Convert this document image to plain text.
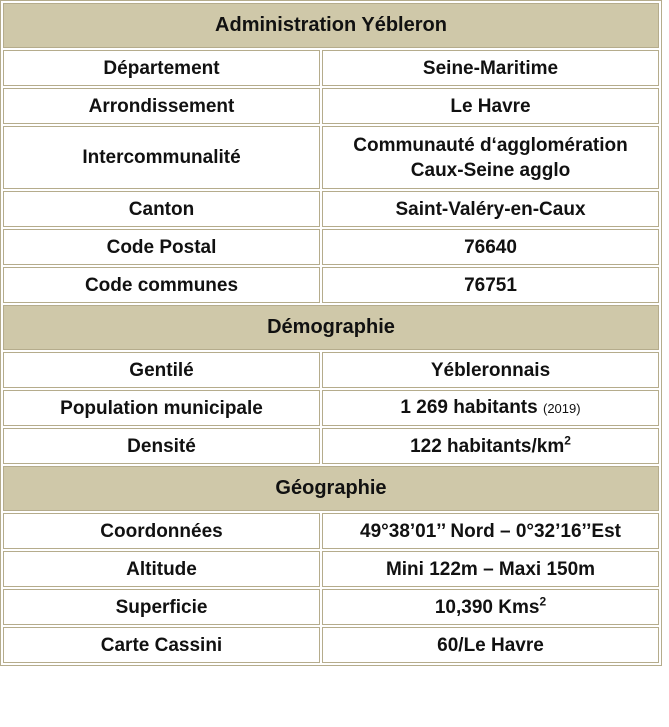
Administration Yébleron	
Département	Seine-Maritime
Arrondissement	Le Havre
Intercommunalité	Communauté d‘agglomération
Caux-Seine agglo
Canton	Saint-Valéry-en-Caux
Code Postal	76640
Code communes	76751
Démographie	
Gentilé	Yébleronnais
Population municipale	1 269 habitants (2019)
Densité	122 habitants/$km^2$
Géographie	
Coordonnées	49°38’01’’ Nord – 0°32’16’’Est
Altitude	Mini 122m – Maxi 150m
Superficie	10,390 Kms$^2$
Carte Cassini	60/Le Havre
